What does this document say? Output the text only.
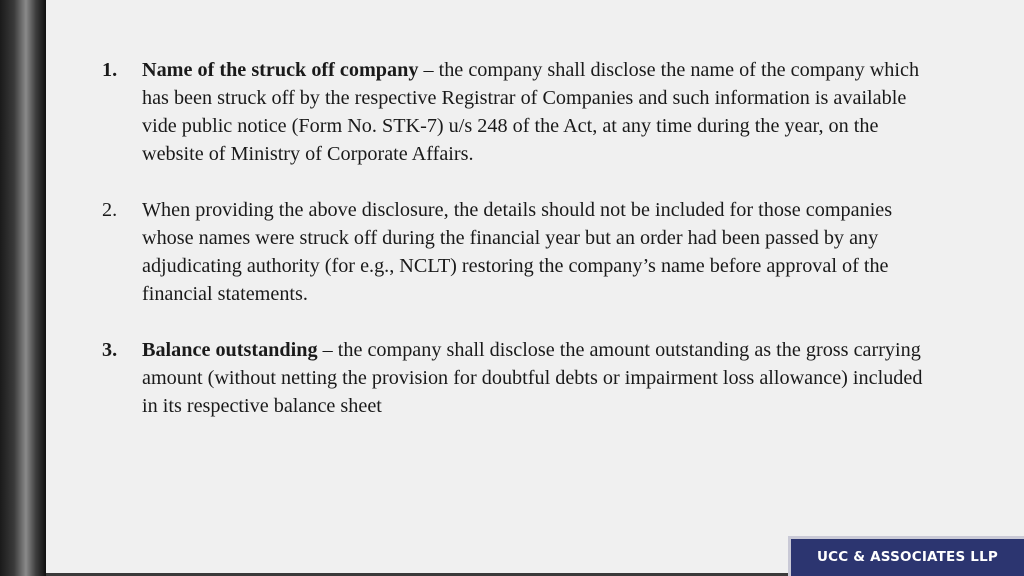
1.	Name of the struck off company – the company shall disclose the name of the company which has been struck off by the respective Registrar of Companies and such information is available vide public notice (Form No. STK-7) u/s 248 of the Act, at any time during the year, on the website of Ministry of Corporate Affairs.
2.	When providing the above disclosure, the details should not be included for those companies whose names were struck off during the financial year but an order had been passed by any adjudicating authority (for e.g., NCLT) restoring the company’s name before approval of the financial statements.
3.	Balance outstanding – the company shall disclose the amount outstanding as the gross carrying amount (without netting the provision for doubtful debts or impairment loss allowance) included in its respective balance sheet
UCC & ASSOCIATES LLP
